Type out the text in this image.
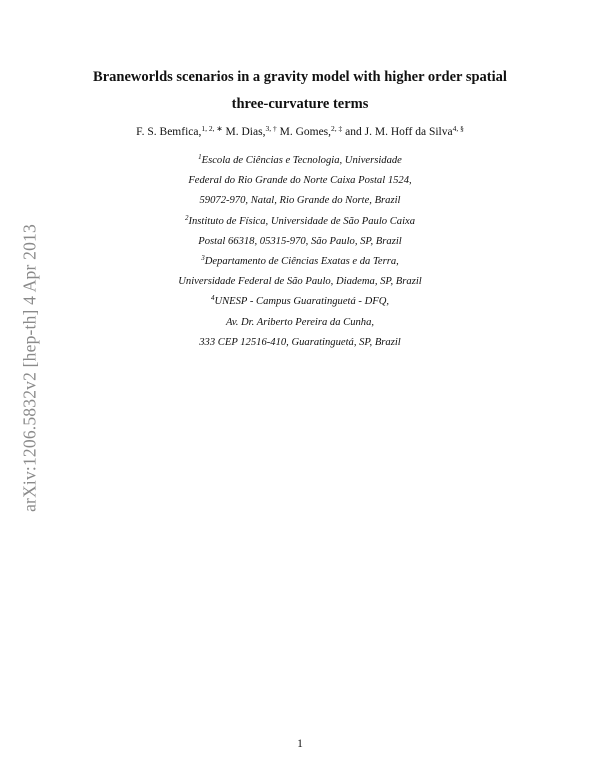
arXiv:1206.5832v2 [hep-th] 4 Apr 2013
Braneworlds scenarios in a gravity model with higher order spatial
three-curvature terms
F. S. Bemfica,$^{1, 2, ∗}$ M. Dias,$^{3, \dagger}$ M. Gomes,$^{2, \ddagger}$ and J. M. Hoff da Silva$^{4, \S}$
$^1$Escola de Ciências e Tecnologia, Universidade
Federal do Rio Grande do Norte Caixa Postal 1524,
59072-970, Natal, Rio Grande do Norte, Brazil
$^2$Instituto de Física, Universidade de São Paulo Caixa
Postal 66318, 05315-970, São Paulo, SP, Brazil
$^3$Departamento de Ciências Exatas e da Terra,
Universidade Federal de São Paulo, Diadema, SP, Brazil
$^4$UNESP - Campus Guaratinguetá - DFQ,
Av. Dr. Ariberto Pereira da Cunha,
333 CEP 12516-410, Guaratinguetá, SP, Brazil
1
